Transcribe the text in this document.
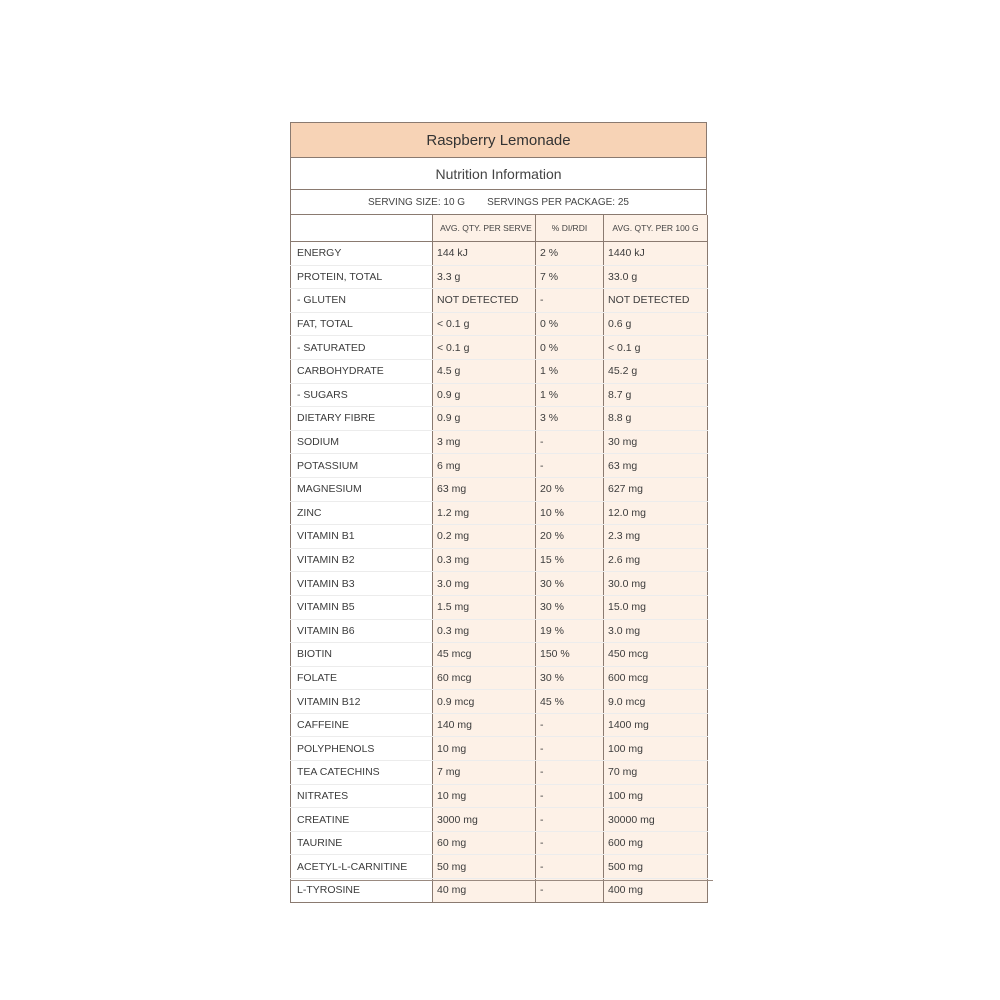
Raspberry Lemonade
Nutrition Information
SERVING SIZE: 10 G SERVINGS PER PACKAGE: 25
	AVG. QTY. PER SERVE	% DI/RDI	AVG. QTY. PER 100 G
ENERGY	144 kJ	2 %	1440 kJ
PROTEIN, TOTAL	3.3 g	7 %	33.0 g
- GLUTEN	NOT DETECTED	-	NOT DETECTED
FAT, TOTAL	< 0.1 g	0 %	0.6 g
- SATURATED	< 0.1 g	0 %	< 0.1 g
CARBOHYDRATE	4.5 g	1 %	45.2 g
- SUGARS	0.9 g	1 %	8.7 g
DIETARY FIBRE	0.9 g	3 %	8.8 g
SODIUM	3 mg	-	30 mg
POTASSIUM	6 mg	-	63 mg
MAGNESIUM	63 mg	20 %	627 mg
ZINC	1.2 mg	10 %	12.0 mg
VITAMIN B1	0.2 mg	20 %	2.3 mg
VITAMIN B2	0.3 mg	15 %	2.6 mg
VITAMIN B3	3.0 mg	30 %	30.0 mg
VITAMIN B5	1.5 mg	30 %	15.0 mg
VITAMIN B6	0.3 mg	19 %	3.0 mg
BIOTIN	45 mcg	150 %	450 mcg
FOLATE	60 mcg	30 %	600 mcg
VITAMIN B12	0.9 mcg	45 %	9.0 mcg
CAFFEINE	140 mg	-	1400 mg
POLYPHENOLS	10 mg	-	100 mg
TEA CATECHINS	7 mg	-	70 mg
NITRATES	10 mg	-	100 mg
CREATINE	3000 mg	-	30000 mg
TAURINE	60 mg	-	600 mg
ACETYL-L-CARNITINE	50 mg	-	500 mg
L-TYROSINE	40 mg	-	400 mg
